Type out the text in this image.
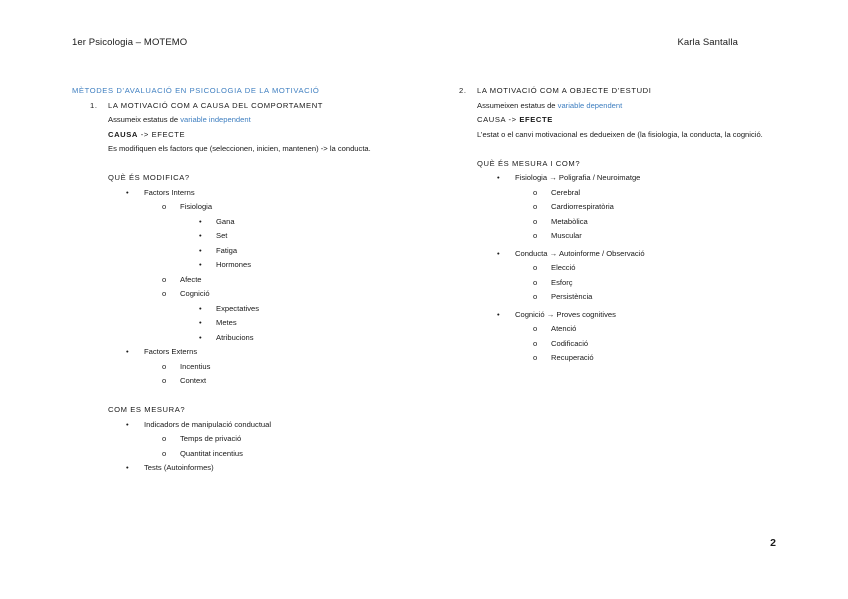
1er Psicologia – MOTEMO	Karla Santalla
MÈTODES D’AVALUACIÓ EN PSICOLOGIA DE LA MOTIVACIÓ
1. LA MOTIVACIÓ COM A CAUSA DEL COMPORTAMENT
Assumeix estatus de variable independent
CAUSA -> EFECTE
Es modifiquen els factors que (seleccionen, inicien, mantenen) -> la conducta.
QUÈ ÉS MODIFICA?
• Factors Interns
o Fisiologia
• Gana
• Set
• Fatiga
• Hormones
o Afecte
o Cognició
• Expectatives
• Metes
• Atribucions
• Factors Externs
o Incentius
o Context
COM ES MESURA?
• Indicadors de manipulació conductual
o Temps de privació
o Quantitat incentius
• Tests (Autoinformes)
2. LA MOTIVACIÓ COM A OBJECTE D’ESTUDI
Assumeixen estatus de variable dependent
CAUSA -> EFECTE
L’estat o el canvi motivacional es dedueixen de (la fisiologia, la conducta, la cognició.
QUÈ ÉS MESURA I COM?
• Fisiologia → Poligrafia / Neuroimatge
o Cerebral
o Cardiorrespiratòria
o Metabòlica
o Muscular
• Conducta → Autoinforme / Observació
o Elecció
o Esforç
o Persistència
• Cognició → Proves cognitives
o Atenció
o Codificació
o Recuperació
2
